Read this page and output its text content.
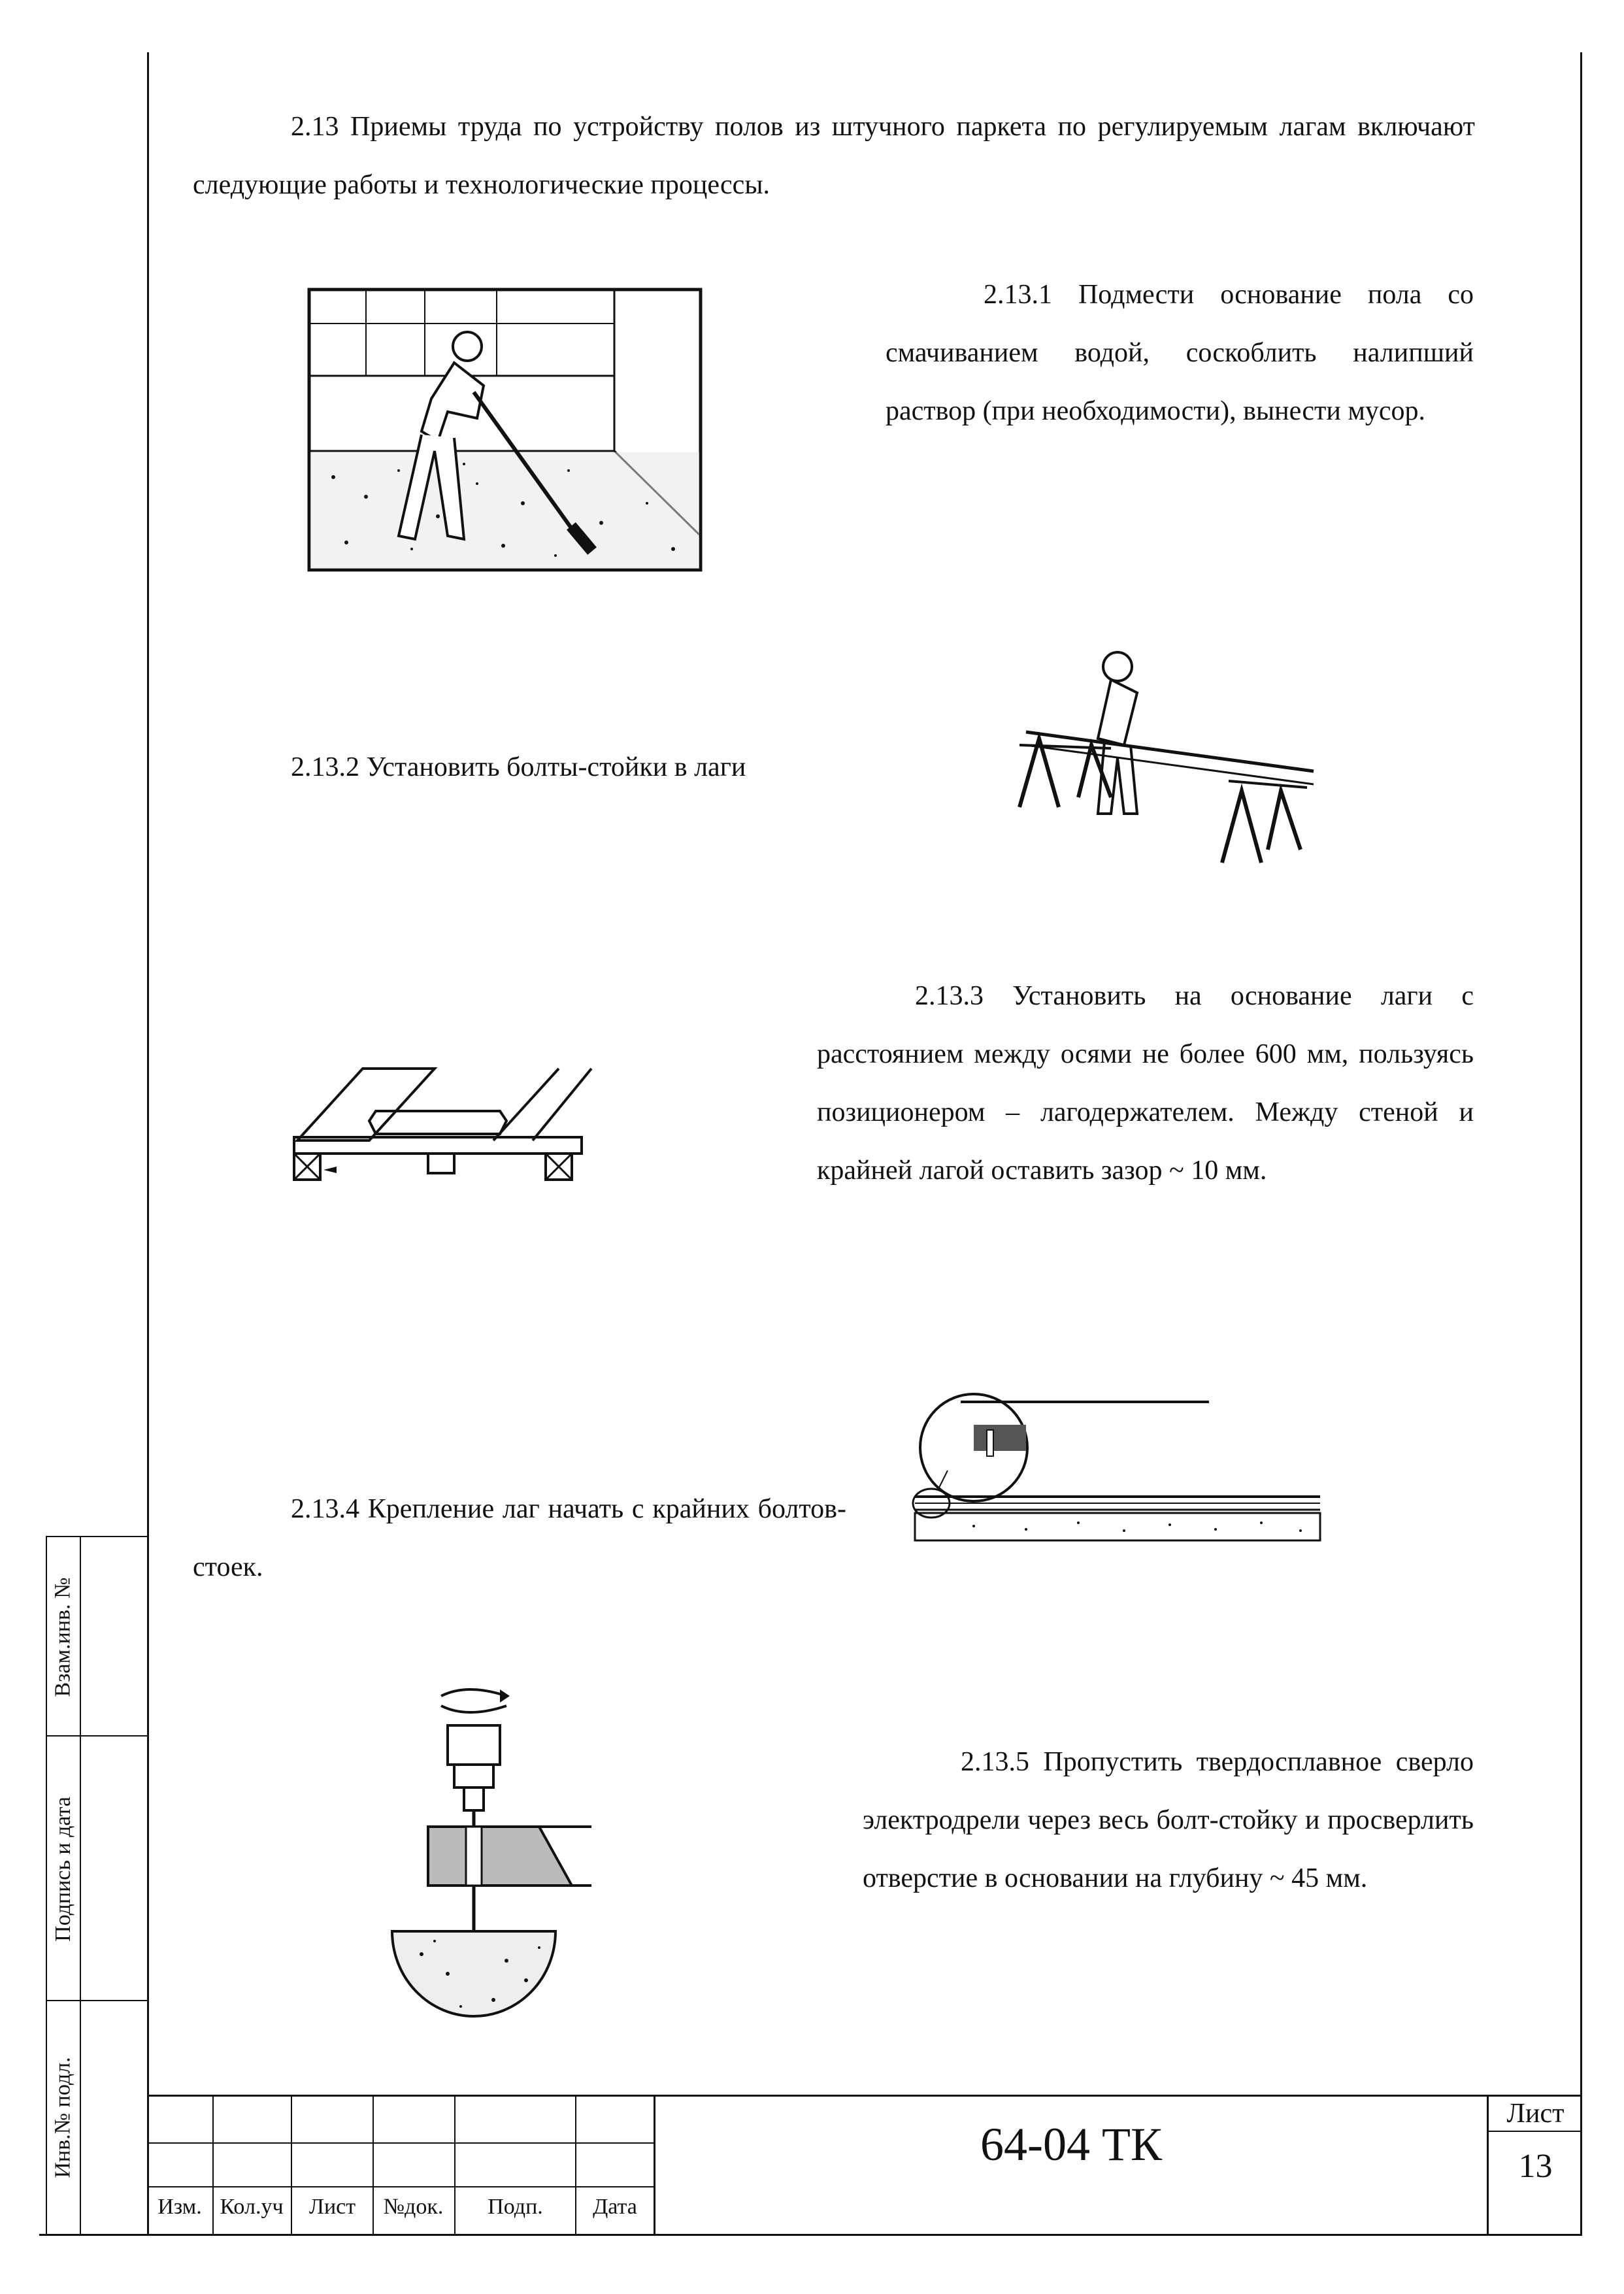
Взам.инв. №
Подпись и дата
Инв.№ подл.
2.13 Приемы труда по устройству полов из штучного паркета по регулируемым лагам включают следующие работы и технологические процессы.
2.13.1 Подмести основание пола со смачиванием водой, соскоблить налипший раствор (при необходимости), вынести мусор.
2.13.2 Установить болты-стойки в лаги
2.13.3 Установить на основание лаги с расстоянием между осями не более 600 мм, пользуясь позиционером – лагодержателем. Между стеной и крайней лагой оставить зазор ~ 10 мм.
2.13.4 Крепление лаг начать с крайних болтов-стоек.
2.13.5 Пропустить твердосплавное сверло электродрели через весь болт-стойку и просверлить отверстие в основании на глубину ~ 45 мм.
Изм. Кол.уч	Лист	№док.	Подп.	Дата
64-04 ТК
Лист
13
